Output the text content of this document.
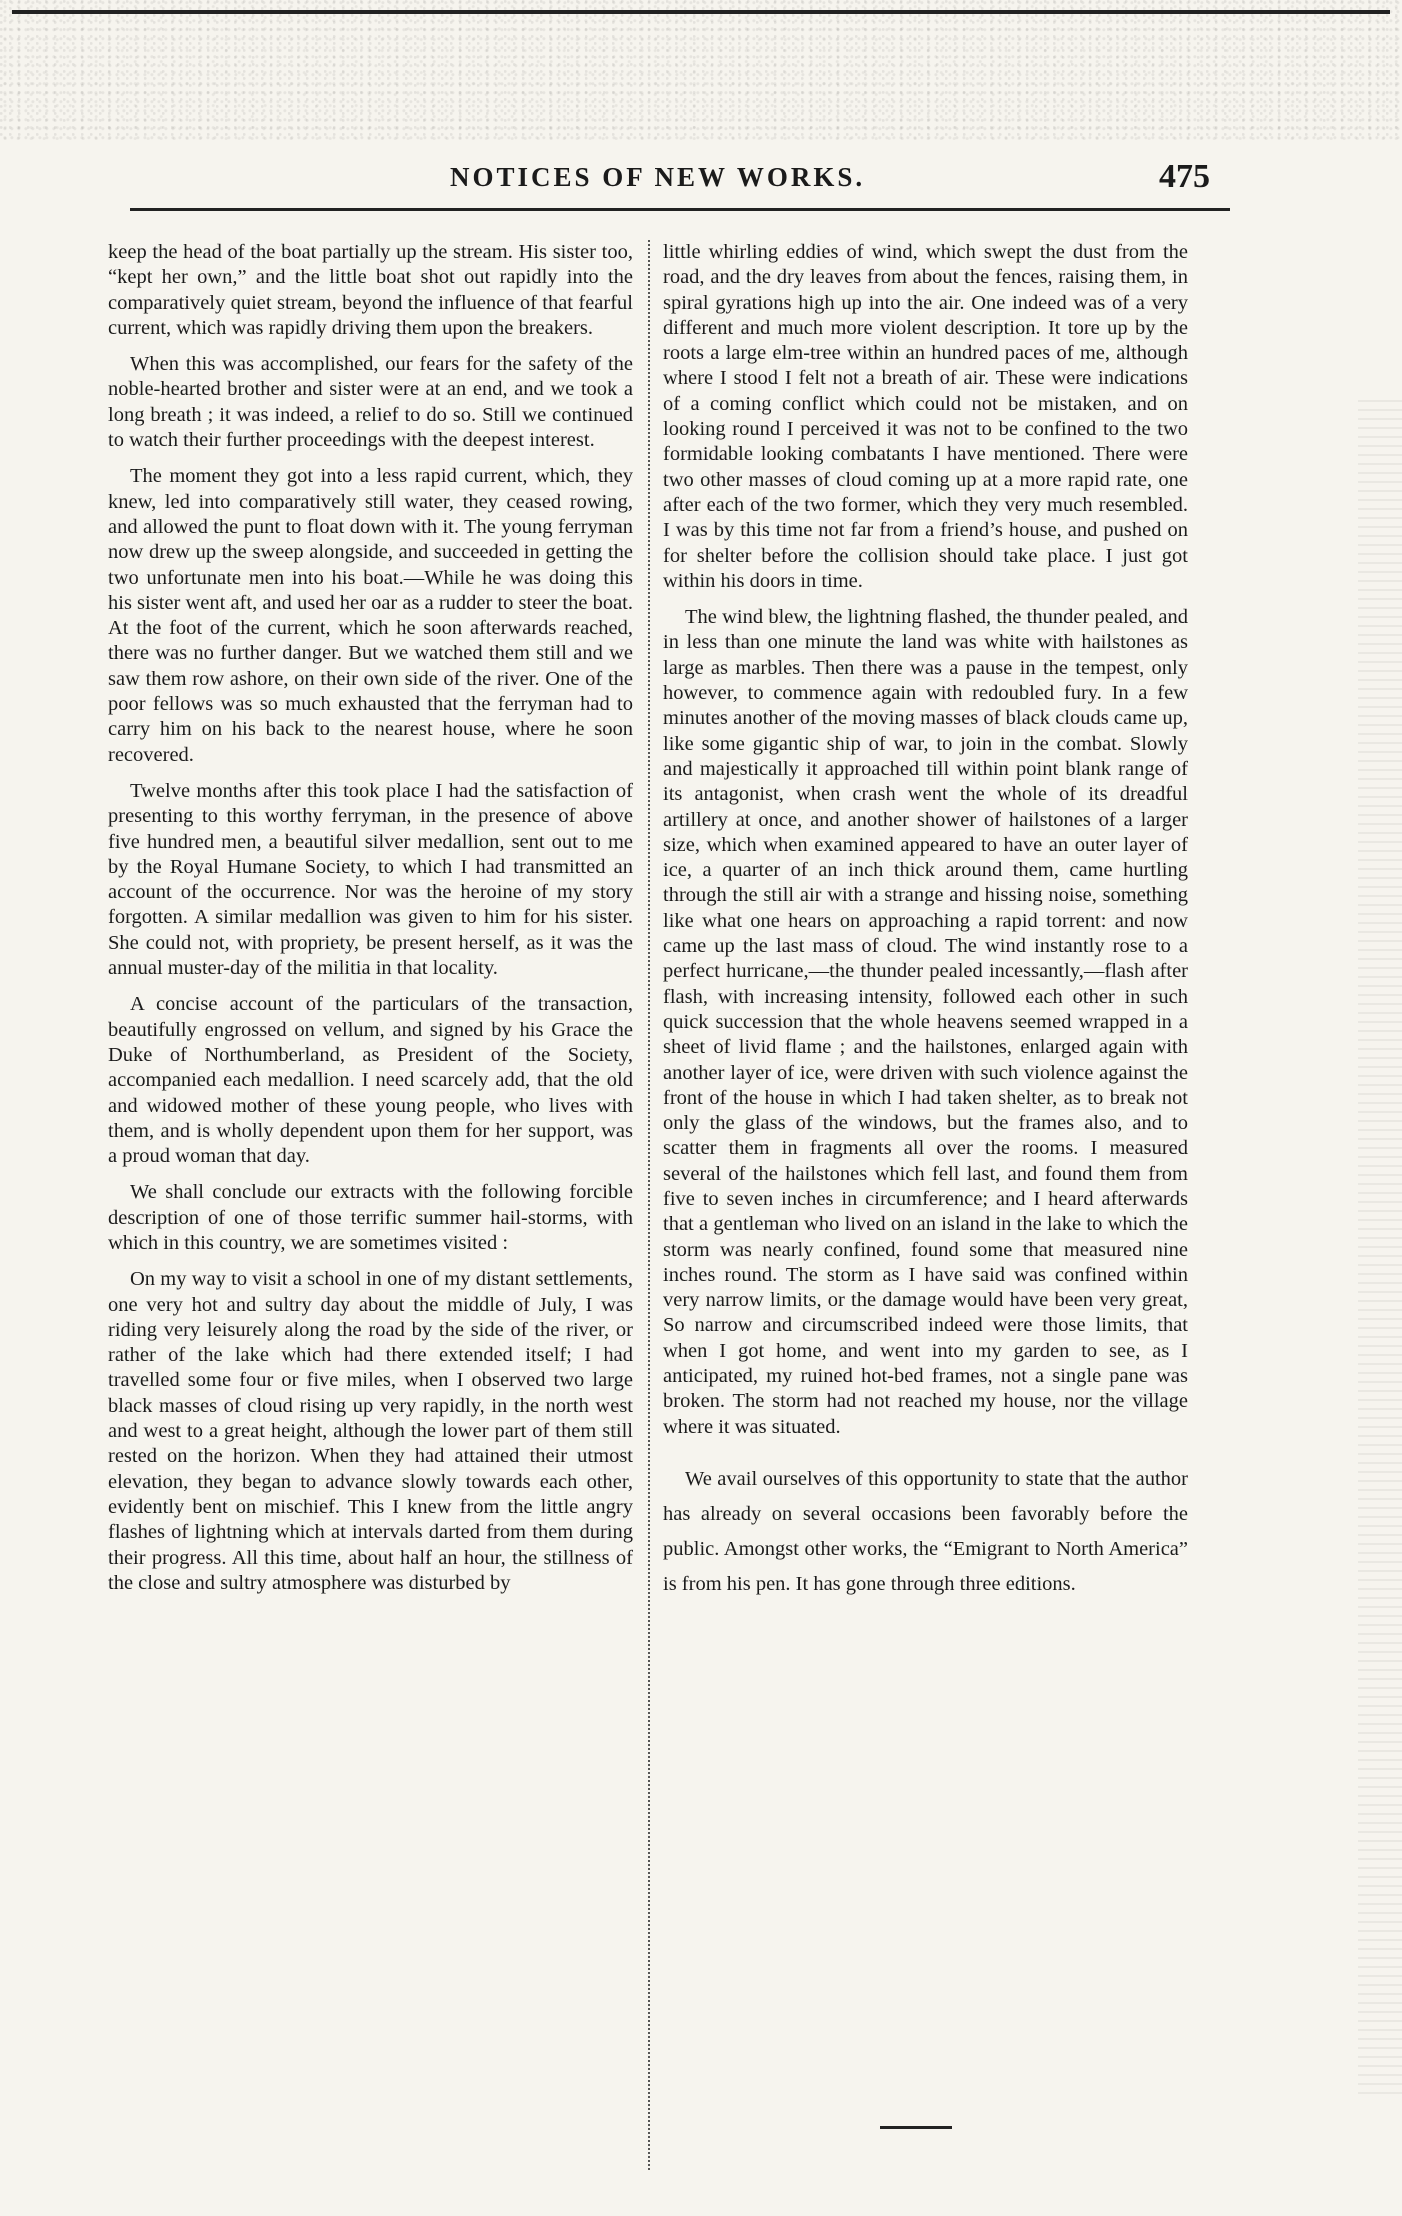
NOTICES OF NEW WORKS.	475

keep the head of the boat partially up the stream. His sister too, “kept her own,” and the little boat shot out rapidly into the comparatively quiet stream, beyond the influence of that fearful current, which was rapidly driving them upon the breakers.

When this was accomplished, our fears for the safety of the noble-hearted brother and sister were at an end, and we took a long breath ; it was indeed, a relief to do so. Still we continued to watch their further proceedings with the deepest interest.

The moment they got into a less rapid current, which, they knew, led into comparatively still water, they ceased rowing, and allowed the punt to float down with it. The young ferryman now drew up the sweep alongside, and succeeded in getting the two unfortunate men into his boat.—While he was doing this his sister went aft, and used her oar as a rudder to steer the boat. At the foot of the current, which he soon afterwards reached, there was no further danger. But we watched them still and we saw them row ashore, on their own side of the river. One of the poor fellows was so much exhausted that the ferryman had to carry him on his back to the nearest house, where he soon recovered.

Twelve months after this took place I had the satisfaction of presenting to this worthy ferryman, in the presence of above five hundred men, a beautiful silver medallion, sent out to me by the Royal Humane Society, to which I had transmitted an account of the occurrence. Nor was the heroine of my story forgotten. A similar medallion was given to him for his sister. She could not, with propriety, be present herself, as it was the annual muster-day of the militia in that locality.

A concise account of the particulars of the transaction, beautifully engrossed on vellum, and signed by his Grace the Duke of Northumberland, as President of the Society, accompanied each medallion. I need scarcely add, that the old and widowed mother of these young people, who lives with them, and is wholly dependent upon them for her support, was a proud woman that day.

We shall conclude our extracts with the following forcible description of one of those terrific summer hail-storms, with which in this country, we are sometimes visited :

On my way to visit a school in one of my distant settlements, one very hot and sultry day about the middle of July, I was riding very leisurely along the road by the side of the river, or rather of the lake which had there extended itself; I had travelled some four or five miles, when I observed two large black masses of cloud rising up very rapidly, in the north west and west to a great height, although the lower part of them still rested on the horizon. When they had attained their utmost elevation, they began to advance slowly towards each other, evidently bent on mischief. This I knew from the little angry flashes of lightning which at intervals darted from them during their progress. All this time, about half an hour, the stillness of the close and sultry atmosphere was disturbed by

little whirling eddies of wind, which swept the dust from the road, and the dry leaves from about the fences, raising them, in spiral gyrations high up into the air. One indeed was of a very different and much more violent description. It tore up by the roots a large elm-tree within an hundred paces of me, although where I stood I felt not a breath of air. These were indications of a coming conflict which could not be mistaken, and on looking round I perceived it was not to be confined to the two formidable looking combatants I have mentioned. There were two other masses of cloud coming up at a more rapid rate, one after each of the two former, which they very much resembled. I was by this time not far from a friend’s house, and pushed on for shelter before the collision should take place. I just got within his doors in time.

The wind blew, the lightning flashed, the thunder pealed, and in less than one minute the land was white with hailstones as large as marbles. Then there was a pause in the tempest, only however, to commence again with redoubled fury. In a few minutes another of the moving masses of black clouds came up, like some gigantic ship of war, to join in the combat. Slowly and majestically it approached till within point blank range of its antagonist, when crash went the whole of its dreadful artillery at once, and another shower of hailstones of a larger size, which when examined appeared to have an outer layer of ice, a quarter of an inch thick around them, came hurtling through the still air with a strange and hissing noise, something like what one hears on approaching a rapid torrent: and now came up the last mass of cloud. The wind instantly rose to a perfect hurricane,—the thunder pealed incessantly,—flash after flash, with increasing intensity, followed each other in such quick succession that the whole heavens seemed wrapped in a sheet of livid flame ; and the hailstones, enlarged again with another layer of ice, were driven with such violence against the front of the house in which I had taken shelter, as to break not only the glass of the windows, but the frames also, and to scatter them in fragments all over the rooms. I measured several of the hailstones which fell last, and found them from five to seven inches in circumference; and I heard afterwards that a gentleman who lived on an island in the lake to which the storm was nearly confined, found some that measured nine inches round. The storm as I have said was confined within very narrow limits, or the damage would have been very great, So narrow and circumscribed indeed were those limits, that when I got home, and went into my garden to see, as I anticipated, my ruined hot-bed frames, not a single pane was broken. The storm had not reached my house, nor the village where it was situated.

We avail ourselves of this opportunity to state that the author has already on several occasions been favorably before the public. Amongst other works, the “Emigrant to North America” is from his pen. It has gone through three editions.
